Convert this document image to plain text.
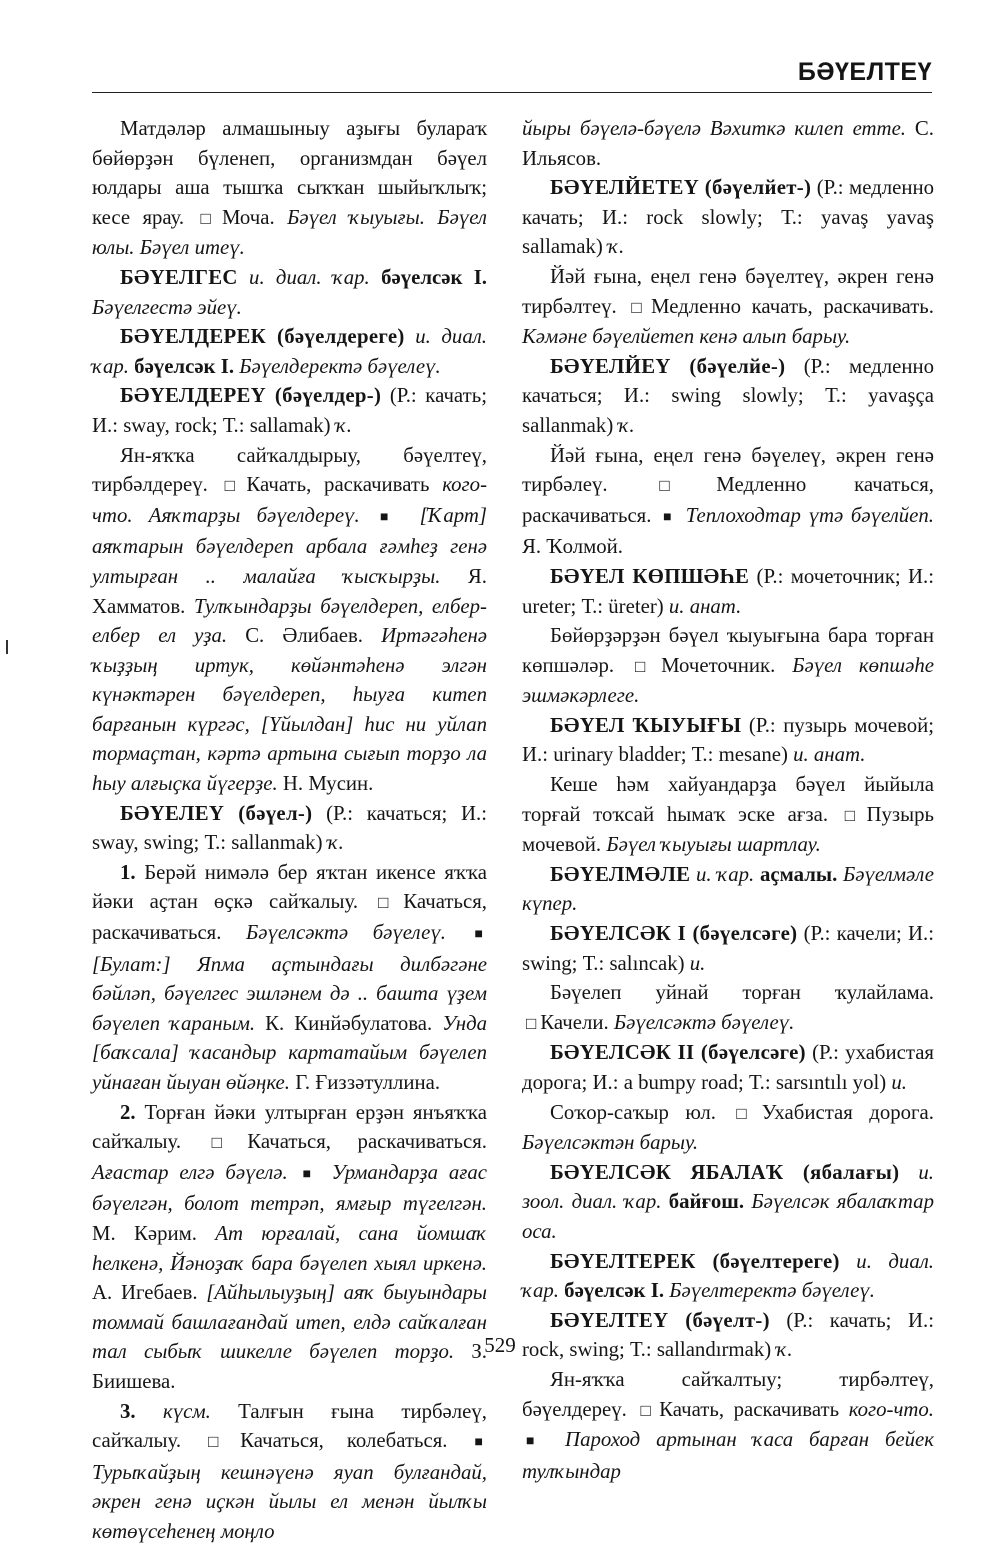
БӘҮЕЛТЕҮ

Матдәләр алмашыныу аҙығы булараҡ бөйөрҙән бүленеп, организмдан бәүел юлдары аша тышҡа сыҡҡан шыйыҡлыҡ; кесе ярау. □ Моча. Бәүел ҡыуығы. Бәүел юлы. Бәүел итеү.

БӘҮЕЛГЕС и. диал. ҡар. бәүелсәк I. Бәүелгестә эйеү.

БӘҮЕЛДЕРЕК (бәүелдереге) и. диал. ҡар. бәүелсәк I. Бәүелдеректә бәүелеү.

БӘҮЕЛДЕРЕҮ (бәүелдер-) (Р.: качать; И.: sway, rock; Т.: sallamak) ҡ.

Ян-яҡҡа сайҡалдырыу, бәүелтеү, тирбәлдереү. □ Качать, раскачивать кого-что. Аяҡтарҙы бәүелдереү. ■ [Ҡарт] аяҡтарын бәүелдереп арбала ғәмһеҙ генә ултырған .. малайға ҡысҡырҙы. Я. Хамматов. Тулҡындарҙы бәүелдереп, елбер-елбер ел уҙа. С. Әлибаев. Иртәгәһенә ҡыҙҙың иртук, көйәнтәһенә элгән күнәктәрен бәүелдереп, һыуға китеп барғанын күргәс, [Үйылдан] һис ни уйлап тормаҫтан, кәртә артына сығып торҙо ла һыу алғыҫка йүгерҙе. Н. Мусин.

БӘҮЕЛЕҮ (бәүел-) (Р.: качаться; И.: sway, swing; Т.: sallanmak) ҡ.

1. Берәй нимәлә бер яҡтан икенсе яҡҡа йәки аҫтан өҫкә сайҡалыу. □ Качаться, раскачиваться. Бәүелсәктә бәүелеү. ■ [Булат:] Япма аҫтындағы дилбәгәне бәйләп, бәүелгес эшләнем дә .. башта үҙем бәүелеп ҡараным. К. Кинйәбулатова. Унда [баҡсала] ҡасандыр картатайым бәүелеп уйнаған йыуан өйәңке. Г. Ғиззәтуллина.

2. Торған йәки ултырған ерҙән янъяҡҡа сайҡалыу. □ Качаться, раскачиваться. Ағастар елгә бәүелә. ■ Урмандарҙа ағас бәүелгән, болот тетрәп, ямғыр түгелгән. М. Кәрим. Ат юрғалай, сана йомшаҡ һелкенә, Йәноҙаҡ бара бәүелеп хыял иркенә. А. Игебаев. [Айһылыуҙың] аяҡ быуындары томмай башлағандай итеп, елдә сайҡалған тал сыбыҡ шикелле бәүелеп торҙо. З. Биишева.

3. күсм. Талғын ғына тирбәлеү, сайҡалыу. □ Качаться, колебаться. ■ Турыҡайҙың кешнәүенә яуап булғандай, әкрен генә иҫкән йылы ел менән йылҡы көтөүсеһенең моңло

йыры бәүелә-бәүелә Вәхиткә килеп етте. С. Ильясов.

БӘҮЕЛЙЕТЕҮ (бәүелйет-) (Р.: медленно качать; И.: rock slowly; Т.: yavaş yavaş sallamak) ҡ.

Йәй ғына, еңел генә бәүелтеү, әкрен генә тирбәлтеү. □ Медленно качать, раскачивать. Кәмәне бәүелйетеп кенә алып барыу.

БӘҮЕЛЙЕҮ (бәүелйе-) (Р.: медленно качаться; И.: swing slowly; Т.: yavaşça sallanmak) ҡ.

Йәй ғына, еңел генә бәүелеү, әкрен генә тирбәлеү. □ Медленно качаться, раскачиваться. ■ Теплоходтар үтә бәүелйеп. Я. Ҡолмой.

БӘҮЕЛ КӨПШӘҺЕ (Р.: мочеточник; И.: ureter; Т.: üreter) и. анат.

Бөйөрҙәрҙән бәүел ҡыуығына бара торған көпшәләр. □ Мочеточник. Бәүел көпшәһе эшмәкәрлеге.

БӘҮЕЛ ҠЫУЫҒЫ (Р.: пузырь мочевой; И.: urinary bladder; Т.: mesane) и. анат.

Кеше һәм хайуандарҙа бәүел йыйыла торғай тоҡсай һымаҡ эске ағза. □ Пузырь мочевой. Бәүел ҡыуығы шартлау.

БӘҮЕЛМӘЛЕ и. ҡар. аҫмалы. Бәүелмәле күпер.

БӘҮЕЛСӘК I (бәүелсәге) (Р.: качели; И.: swing; Т.: salıncak) и.

Бәүелеп уйнай торған ҡулайлама. □ Качели. Бәүелсәктә бәүелеү.

БӘҮЕЛСӘК II (бәүелсәге) (Р.: ухабистая дорога; И.: a bumpy road; Т.: sarsıntılı yol) и.

Соҡор-саҡыр юл. □ Ухабистая дорога. Бәүелсәктән барыу.

БӘҮЕЛСӘК ЯБАЛАҠ (ябалағы) и. зоол. диал. ҡар. байғош. Бәүелсәк ябалаҡтар оса.

БӘҮЕЛТЕРЕК (бәүелтереге) и. диал. ҡар. бәүелсәк I. Бәүелтеректә бәүелеү.

БӘҮЕЛТЕҮ (бәүелт-) (Р.: качать; И.: rock, swing; Т.: sallandırmak) ҡ.

Ян-яҡҡа сайҡалтыу; тирбәлтеү, бәүелдереү. □ Качать, раскачивать кого-что. ■ Пароход артынан ҡаса барған бейек тулҡындар

529
